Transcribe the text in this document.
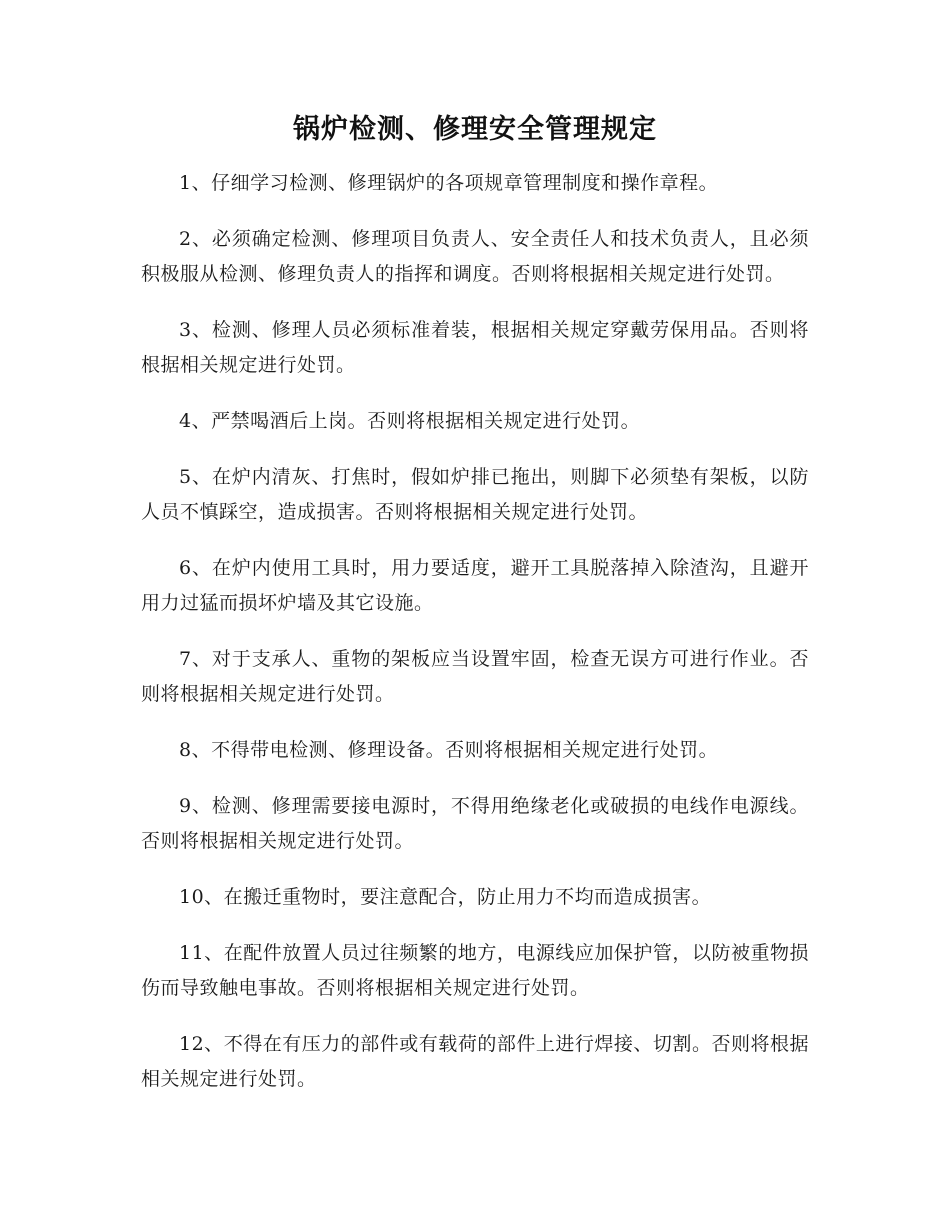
锅炉检测、修理安全管理规定

1、仔细学习检测、修理锅炉的各项规章管理制度和操作章程。

2、必须确定检测、修理项目负责人、安全责任人和技术负责人，且必须积极服从检测、修理负责人的指挥和调度。否则将根据相关规定进行处罚。

3、检测、修理人员必须标准着装，根据相关规定穿戴劳保用品。否则将根据相关规定进行处罚。

4、严禁喝酒后上岗。否则将根据相关规定进行处罚。

5、在炉内清灰、打焦时，假如炉排已拖出，则脚下必须垫有架板，以防人员不慎踩空，造成损害。否则将根据相关规定进行处罚。

6、在炉内使用工具时，用力要适度，避开工具脱落掉入除渣沟，且避开用力过猛而损坏炉墙及其它设施。

7、对于支承人、重物的架板应当设置牢固，检查无误方可进行作业。否则将根据相关规定进行处罚。

8、不得带电检测、修理设备。否则将根据相关规定进行处罚。

9、检测、修理需要接电源时，不得用绝缘老化或破损的电线作电源线。否则将根据相关规定进行处罚。

10、在搬迁重物时，要注意配合，防止用力不均而造成损害。

11、在配件放置人员过往频繁的地方，电源线应加保护管，以防被重物损伤而导致触电事故。否则将根据相关规定进行处罚。

12、不得在有压力的部件或有载荷的部件上进行焊接、切割。否则将根据相关规定进行处罚。
